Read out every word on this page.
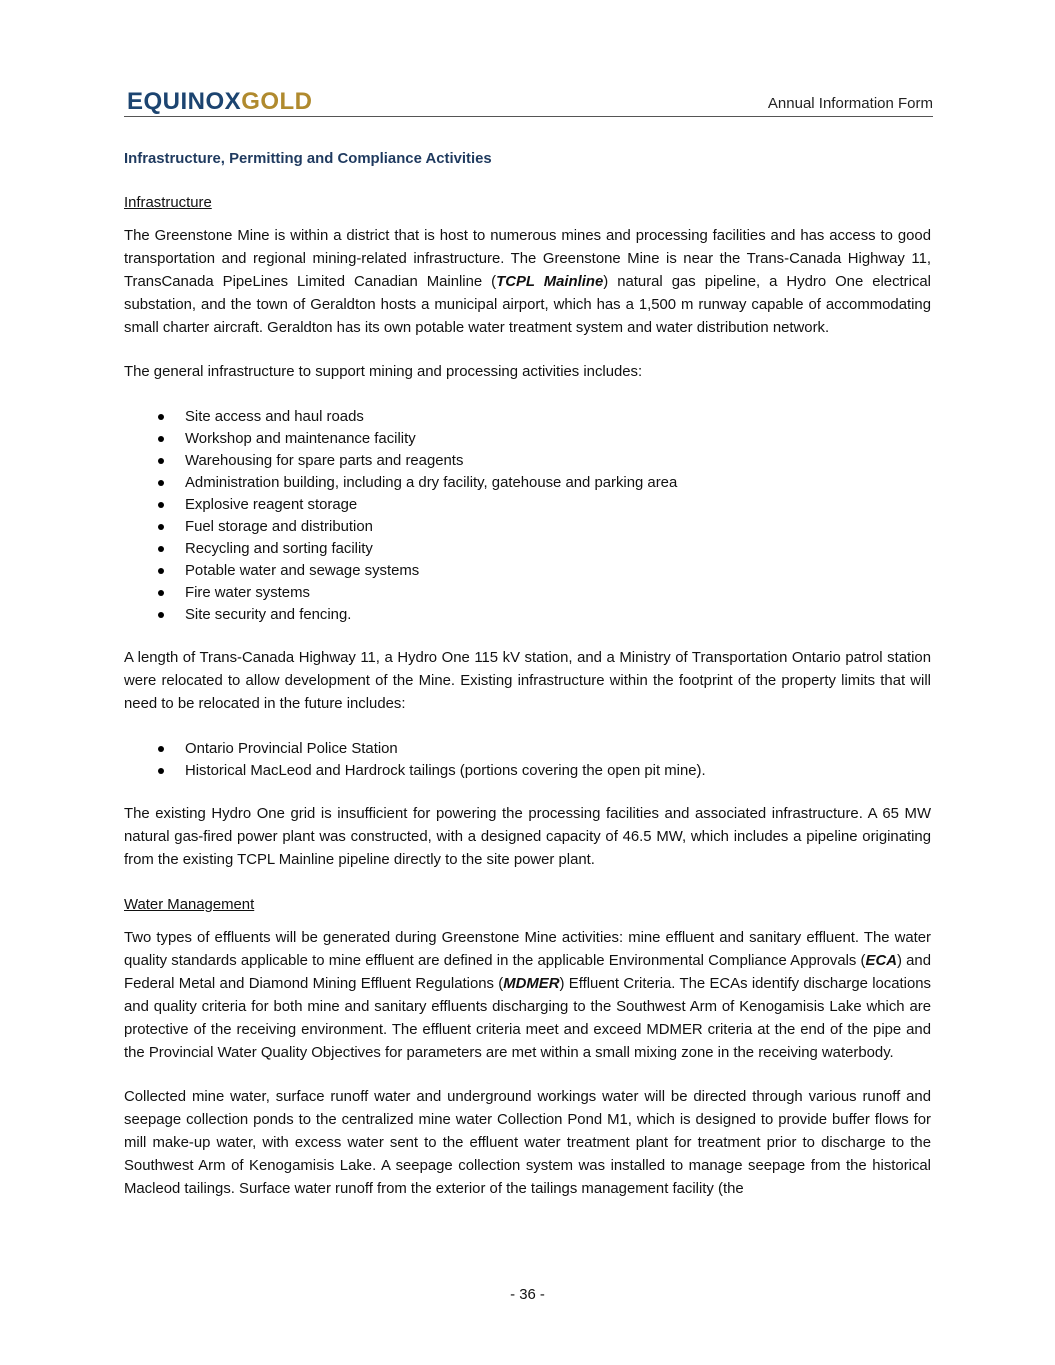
EQUINOXGOLD	Annual Information Form

Infrastructure, Permitting and Compliance Activities

Infrastructure

The Greenstone Mine is within a district that is host to numerous mines and processing facilities and has access to good transportation and regional mining-related infrastructure. The Greenstone Mine is near the Trans-Canada Highway 11, TransCanada PipeLines Limited Canadian Mainline (TCPL Mainline) natural gas pipeline, a Hydro One electrical substation, and the town of Geraldton hosts a municipal airport, which has a 1,500 m runway capable of accommodating small charter aircraft. Geraldton has its own potable water treatment system and water distribution network.

The general infrastructure to support mining and processing activities includes:

Site access and haul roads
Workshop and maintenance facility
Warehousing for spare parts and reagents
Administration building, including a dry facility, gatehouse and parking area
Explosive reagent storage
Fuel storage and distribution
Recycling and sorting facility
Potable water and sewage systems
Fire water systems
Site security and fencing.

A length of Trans-Canada Highway 11, a Hydro One 115 kV station, and a Ministry of Transportation Ontario patrol station were relocated to allow development of the Mine. Existing infrastructure within the footprint of the property limits that will need to be relocated in the future includes:

Ontario Provincial Police Station
Historical MacLeod and Hardrock tailings (portions covering the open pit mine).

The existing Hydro One grid is insufficient for powering the processing facilities and associated infrastructure. A 65 MW natural gas-fired power plant was constructed, with a designed capacity of 46.5 MW, which includes a pipeline originating from the existing TCPL Mainline pipeline directly to the site power plant.

Water Management

Two types of effluents will be generated during Greenstone Mine activities: mine effluent and sanitary effluent. The water quality standards applicable to mine effluent are defined in the applicable Environmental Compliance Approvals (ECA) and Federal Metal and Diamond Mining Effluent Regulations (MDMER) Effluent Criteria. The ECAs identify discharge locations and quality criteria for both mine and sanitary effluents discharging to the Southwest Arm of Kenogamisis Lake which are protective of the receiving environment. The effluent criteria meet and exceed MDMER criteria at the end of the pipe and the Provincial Water Quality Objectives for parameters are met within a small mixing zone in the receiving waterbody.

Collected mine water, surface runoff water and underground workings water will be directed through various runoff and seepage collection ponds to the centralized mine water Collection Pond M1, which is designed to provide buffer flows for mill make-up water, with excess water sent to the effluent water treatment plant for treatment prior to discharge to the Southwest Arm of Kenogamisis Lake. A seepage collection system was installed to manage seepage from the historical Macleod tailings. Surface water runoff from the exterior of the tailings management facility (the

- 36 -
